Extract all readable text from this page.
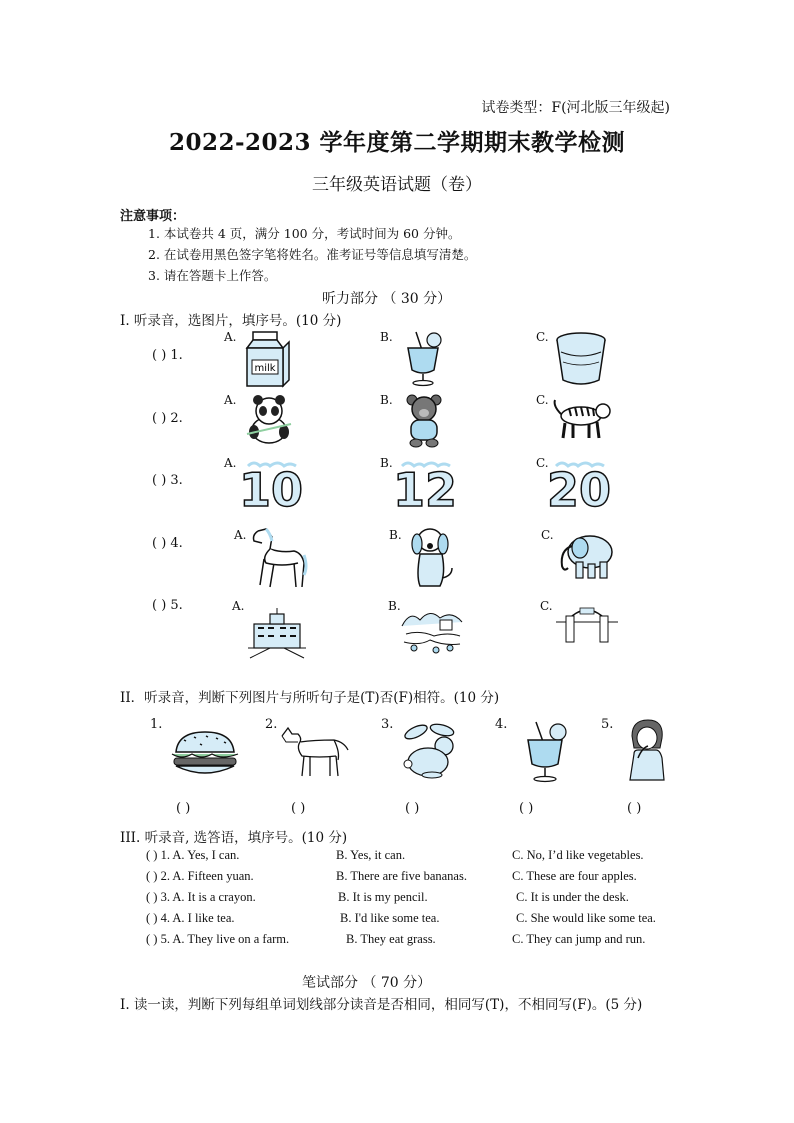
试卷类型：F(河北版三年级起)
2022-2023 学年度第二学期期末教学检测
三年级英语试题（卷）
注意事项：
1. 本试卷共 4 页，满分 100 分，考试时间为 60 分钟。
2. 在试卷用黑色签字笔将姓名。准考证号等信息填写清楚。
3. 请在答题卡上作答。
听力部分 （ 30 分）
I. 听录音，选图片，填序号。(10 分)
( ) 1.
A.	B.	C.
milk
( ) 2.
A.	B.	C.
( ) 3.
A.	B.	C.
10 12 20
( ) 4.
A.	B.	C.
( ) 5.	A.	B.	C.
II．听录音，判断下列图片与所听句子是(T)否(F)相符。(10 分)
1.	2.	3.	4.	5.
( )	( )	( )	( )	( )
III. 听录音, 选答语，填序号。(10 分)
( ) 1. A. Yes, I can.	B. Yes, it can.	C. No, I’d like vegetables.
( ) 2. A. Fifteen yuan.	B. There are five bananas.	C. These are four apples.
( ) 3. A. It is a crayon.	B. It is my pencil.	C. It is under the desk.
( ) 4. A. I like tea.	B. I'd like some tea.	C. She would like some tea.
( ) 5. A. They live on a farm.	B. They eat grass.	C. They can jump and run.
笔试部分 （ 70 分）
I. 读一读，判断下列每组单词划线部分读音是否相同，相同写(T)，不相同写(F)。(5 分)
